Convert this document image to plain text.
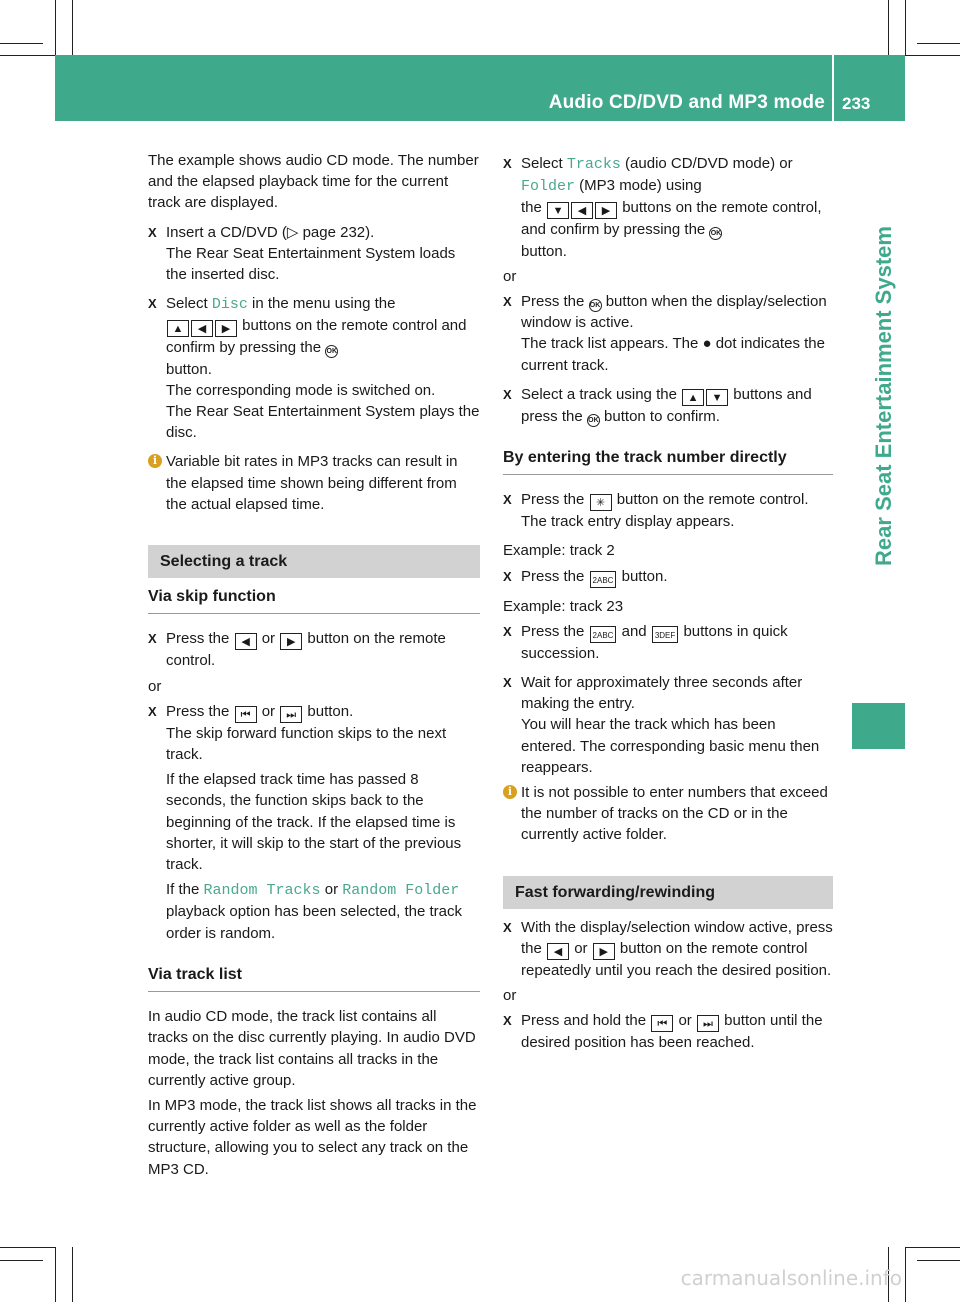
Audio CD/DVD and MP3 mode 233
Rear Seat Entertainment System

The example shows audio CD mode. The number and the elapsed playback time for the current track are displayed.

X Insert a CD/DVD (▷ page 232).
The Rear Seat Entertainment System loads the inserted disc.
X Select Disc in the menu using the
▲ ◀ ▶ buttons on the remote control and confirm by pressing the OK
button.
The corresponding mode is switched on.
The Rear Seat Entertainment System plays the disc.
i Variable bit rates in MP3 tracks can result in the elapsed time shown being different from the actual elapsed time.

Selecting a track

Via skip function

X Press the ◀ or ▶ button on the remote control.

or

X Press the ⏮ or ⏭ button.
The skip forward function skips to the next track.
If the elapsed track time has passed 8 seconds, the function skips back to the beginning of the track. If the elapsed time is shorter, it will skip to the start of the previous track.
If the Random Tracks or Random Folder playback option has been selected, the track order is random.

Via track list

In audio CD mode, the track list contains all tracks on the disc currently playing. In audio DVD mode, the track list contains all tracks in the currently active group.

In MP3 mode, the track list shows all tracks in the currently active folder as well as the folder structure, allowing you to select any track on the MP3 CD.

X Select Tracks (audio CD/DVD mode) or
Folder (MP3 mode) using
the ▼ ◀ ▶ buttons on the remote control, and confirm by pressing the OK
button.

or

X Press the OK button when the display/selection window is active.
The track list appears. The ● dot indicates the current track.
X Select a track using the ▲ ▼ buttons and press the OK button to confirm.

By entering the track number directly

X Press the ✳ button on the remote control.
The track entry display appears.

Example: track 2

X Press the 2ABC button.

Example: track 23

X Press the 2ABC and 3DEF buttons in quick succession.
X Wait for approximately three seconds after making the entry.
You will hear the track which has been entered. The corresponding basic menu then reappears.
i It is not possible to enter numbers that exceed the number of tracks on the CD or in the currently active folder.

Fast forwarding/rewinding

X With the display/selection window active, press the ◀ or ▶ button on the remote control repeatedly until you reach the desired position.

or

X Press and hold the ⏮ or ⏭ button until the desired position has been reached.
carmanualsonline.info
